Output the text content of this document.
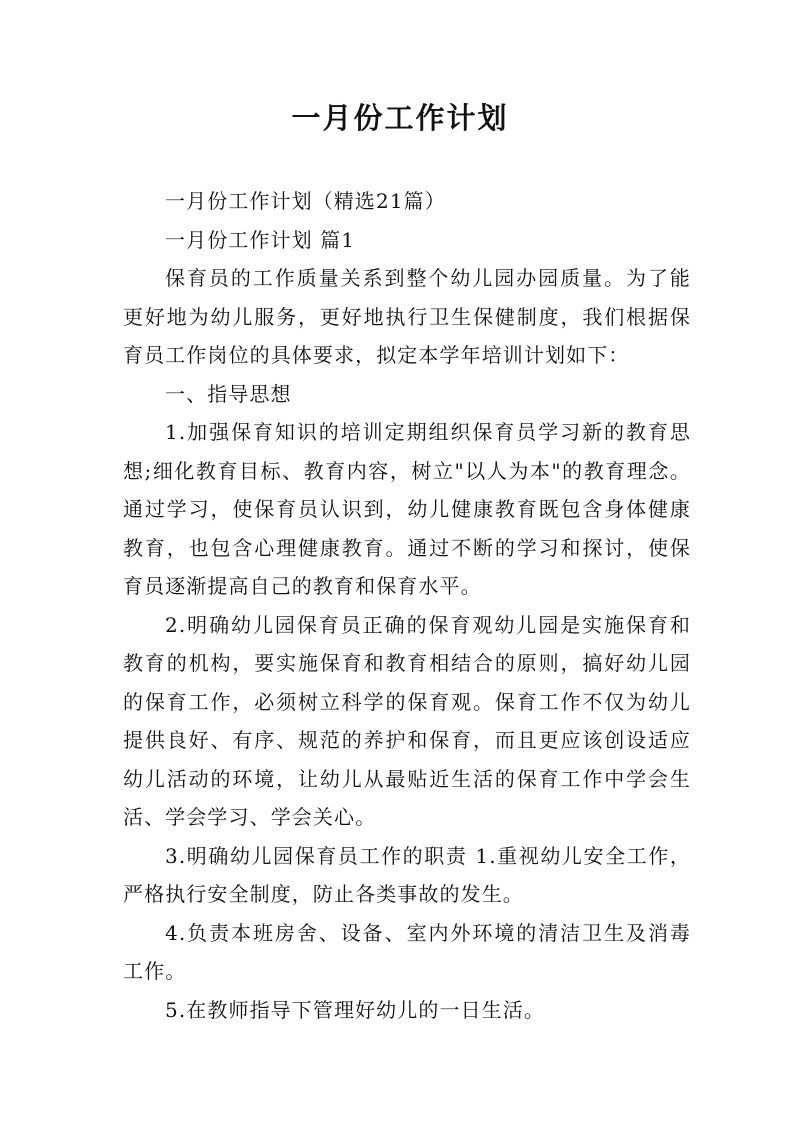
一月份工作计划

一月份工作计划（精选21篇）

一月份工作计划 篇1

保育员的工作质量关系到整个幼儿园办园质量。为了能更好地为幼儿服务，更好地执行卫生保健制度，我们根据保育员工作岗位的具体要求，拟定本学年培训计划如下：

一、指导思想

1.加强保育知识的培训定期组织保育员学习新的教育思想;细化教育目标、教育内容，树立"以人为本"的教育理念。通过学习，使保育员认识到，幼儿健康教育既包含身体健康教育，也包含心理健康教育。通过不断的学习和探讨，使保育员逐渐提高自己的教育和保育水平。

2.明确幼儿园保育员正确的保育观幼儿园是实施保育和教育的机构，要实施保育和教育相结合的原则，搞好幼儿园的保育工作，必须树立科学的保育观。保育工作不仅为幼儿提供良好、有序、规范的养护和保育，而且更应该创设适应幼儿活动的环境，让幼儿从最贴近生活的保育工作中学会生活、学会学习、学会关心。

3.明确幼儿园保育员工作的职责 1.重视幼儿安全工作，严格执行安全制度，防止各类事故的发生。

4.负责本班房舍、设备、室内外环境的清洁卫生及消毒工作。

5.在教师指导下管理好幼儿的一日生活。
